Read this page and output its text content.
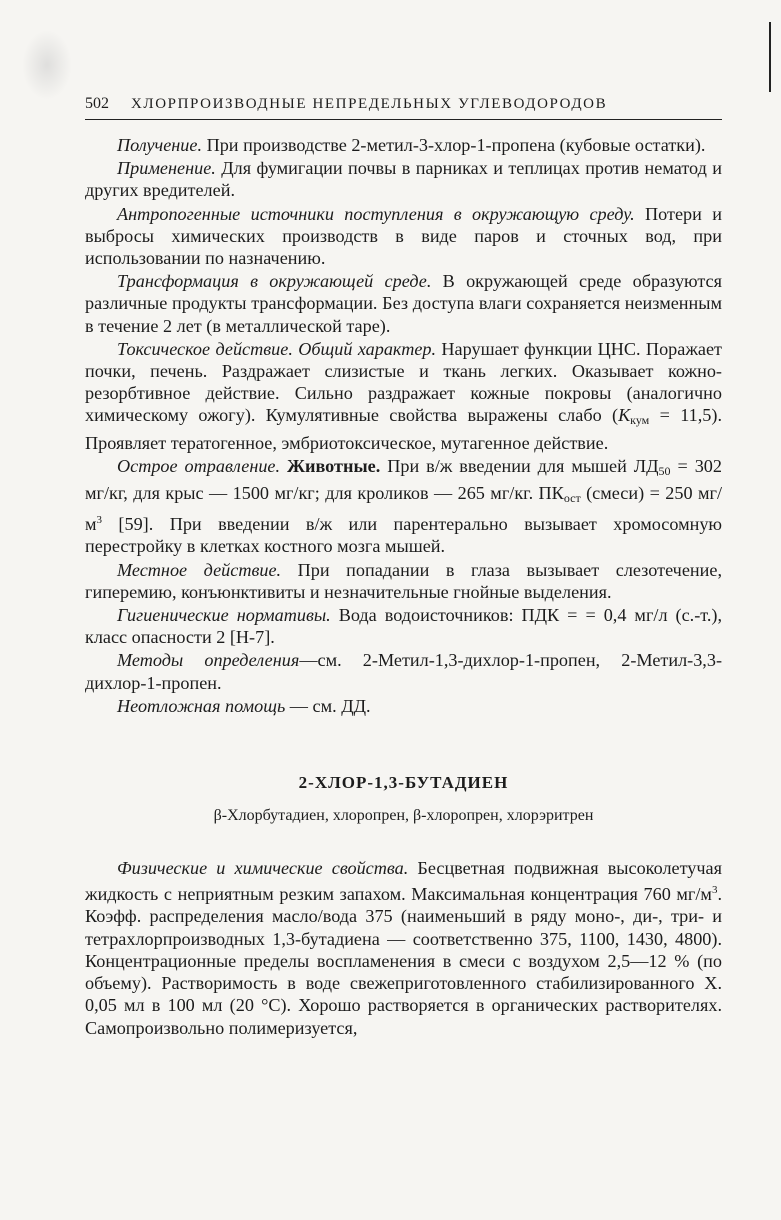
502 ХЛОРПРОИЗВОДНЫЕ НЕПРЕДЕЛЬНЫХ УГЛЕВОДОРОДОВ

Получение. При производстве 2-метил-3-хлор-1-пропена (кубовые остатки).

Применение. Для фумигации почвы в парниках и теплицах против нематод и других вредителей.

Антропогенные источники поступления в окружающую среду. Потери и выбросы химических производств в виде паров и сточных вод, при использовании по назначению.

Трансформация в окружающей среде. В окружающей среде образуются различные продукты трансформации. Без доступа влаги сохраняется неизменным в течение 2 лет (в металлической таре).

Токсическое действие. Общий характер. Нарушает функции ЦНС. Поражает почки, печень. Раздражает слизистые и ткань легких. Оказывает кожно-резорбтивное действие. Сильно раздражает кожные покровы (аналогично химическому ожогу). Кумулятивные свойства выражены слабо $(К_{кум} = 11,5)$. Проявляет тератогенное, эмбриотоксическое, мутагенное действие.

Острое отравление. Животные. При в/ж введении для мышей $ЛД_{50} = 302$ мг/кг, для крыс — 1500 мг/кг; для кроликов — 265 мг/кг. $ПК_{ост}$ (смеси) = 250 $мг/м^3$ [59]. При введении в/ж или парентерально вызывает хромосомную перестройку в клетках костного мозга мышей.

Местное действие. При попадании в глаза вызывает слезотечение, гиперемию, конъюнктивиты и незначительные гнойные выделения.

Гигиенические нормативы. Вода водоисточников: ПДК = = 0,4 мг/л (с.-т.), класс опасности 2 [Н-7].

Методы определения—см. 2-Метил-1,3-дихлор-1-пропен, 2-Метил-3,3-дихлор-1-пропен.

Неотложная помощь — см. ДД.

2-ХЛОР-1,3-БУТАДИЕН
β-Хлорбутадиен, хлоропрен, β-хлоропрен, хлорэритрен

Физические и химические свойства. Бесцветная подвижная высоколетучая жидкость с неприятным резким запахом. Максимальная концентрация 760 $мг/м^3$. Коэфф. распределения масло/вода 375 (наименьший в ряду моно-, ди-, три- и тетрахлорпроизводных 1,3-бутадиена — соответственно 375, 1100, 1430, 4800). Концентрационные пределы воспламенения в смеси с воздухом 2,5—12 % (по объему). Растворимость в воде свежеприготовленного стабилизированного Х. 0,05 мл в 100 мл (20 °C). Хорошо растворяется в органических растворителях. Самопроизвольно полимеризуется,
